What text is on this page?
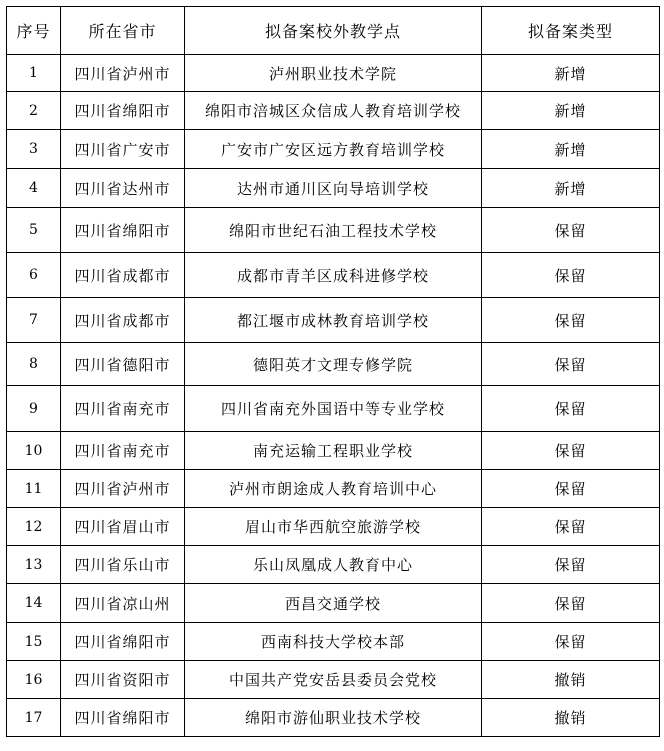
序号	所在省市	拟备案校外教学点	拟备案类型
1	四川省泸州市	泸州职业技术学院	新增
2	四川省绵阳市	绵阳市涪城区众信成人教育培训学校	新增
3	四川省广安市	广安市广安区远方教育培训学校	新增
4	四川省达州市	达州市通川区向导培训学校	新增
5	四川省绵阳市	绵阳市世纪石油工程技术学校	保留
6	四川省成都市	成都市青羊区成科进修学校	保留
7	四川省成都市	都江堰市成林教育培训学校	保留
8	四川省德阳市	德阳英才文理专修学院	保留
9	四川省南充市	四川省南充外国语中等专业学校	保留
10	四川省南充市	南充运输工程职业学校	保留
11	四川省泸州市	泸州市朗途成人教育培训中心	保留
12	四川省眉山市	眉山市华西航空旅游学校	保留
13	四川省乐山市	乐山凤凰成人教育中心	保留
14	四川省凉山州	西昌交通学校	保留
15	四川省绵阳市	西南科技大学校本部	保留
16	四川省资阳市	中国共产党安岳县委员会党校	撤销
17	四川省绵阳市	绵阳市游仙职业技术学校	撤销
